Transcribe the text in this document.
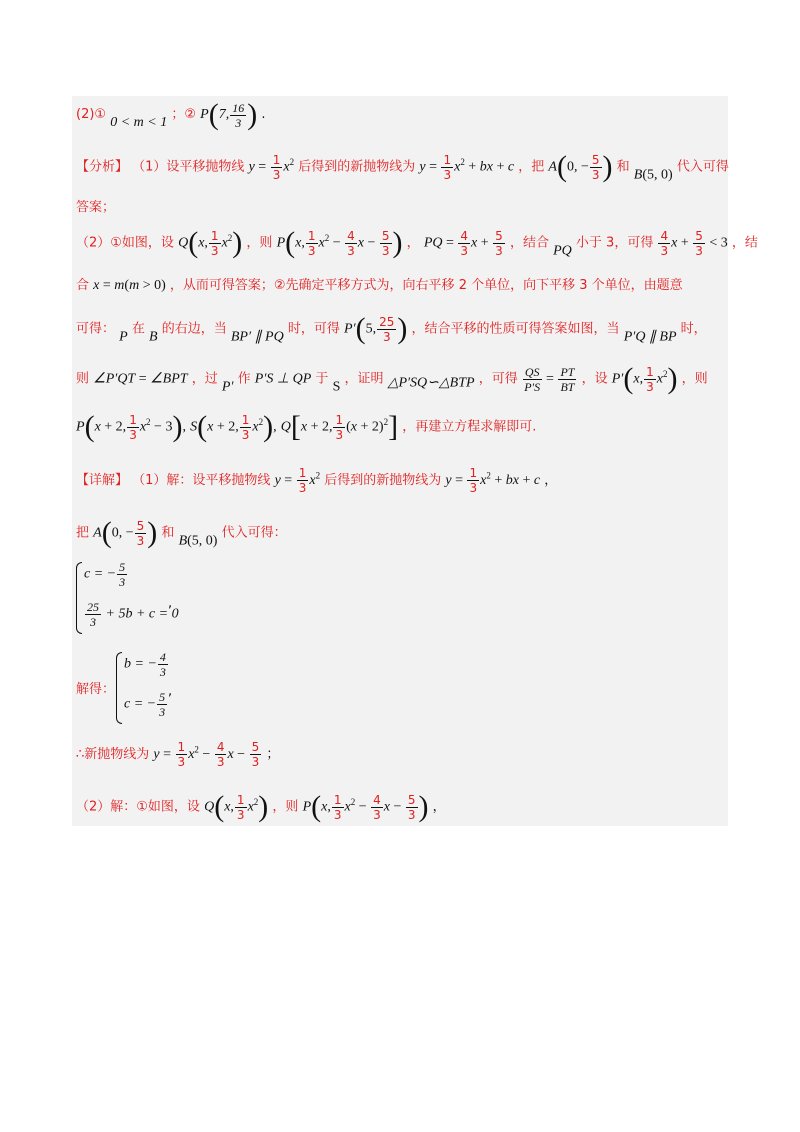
(2)① 0 < m < 1 ；② P(7, $\frac{16}{3}$ ) .
【分析】 （1）设平移抛物线 $y = \frac{1}{3} x^2$ 后得到的新抛物线为 $y = \frac{1}{3} x^2$ + bx + c ，把 A(0, − $\frac{5}{3}$ ) 和 B(5, 0) 代入可得
答案；
（2）①如图，设 Q(x, $\frac{1}{3} x^2$) ，则 P(x, $\frac{1}{3} x^2 - \frac{4}{3}$ $x - \frac{5}{3}$ ) ， PQ = $\frac{4}{3}$ $x + \frac{5}{3}$ ，结合 PQ 小于 3，可得 $\frac{4}{3}$ $x + \frac{5}{3} < 3$ ，结
合 x = m(m > 0) ，从而可得答案；②先确定平移方式为，向右平移 2 个单位，向下平移 3 个单位，由题意
可得： P 在 B 的右边，当 BP′ ∥ PQ 时，可得 P′(5, $\frac{25}{3}$ ) ，结合平移的性质可得答案如图，当 P′Q ∥ BP 时，
则 ∠P′QT = ∠BPT ，过 P′ 作 P′S ⊥ QP 于 S ，证明 △P′SQ∽△BTP ，可得 $\frac{QS}{P'S} = \frac{PT}{BT}$ ，设 P′(x, $\frac{1}{3} x^2$) ，则
P(x + 2, $\frac{1}{3} x^2 - 3$), S(x + 2, $\frac{1}{3} x^2$), Q[x + 2, $\frac{1}{3} (x + 2)^2$] ，再建立方程求解即可.
【详解】 （1）解：设平移抛物线 $y = \frac{1}{3} x^2$ 后得到的新抛物线为 $y = \frac{1}{3} x^2$ + bx + c ，
把 A(0, − $\frac{5}{3}$ ) 和 B(5, 0) 代入可得：
c = − $\frac{5}{3}$
$\frac{25}{3} + 5b + c = 0$
,
解得：
b = − $\frac{4}{3}$
c = − $\frac{5}{3}$ ,
∴新抛物线为 $y = \frac{1}{3} x^2 - \frac{4}{3}$ $x - \frac{5}{3}$ ；
（2）解：①如图，设 Q(x, $\frac{1}{3} x^2$) ，则 P(x, $\frac{1}{3} x^2 - \frac{4}{3}$ $x - \frac{5}{3}$ ) ，
